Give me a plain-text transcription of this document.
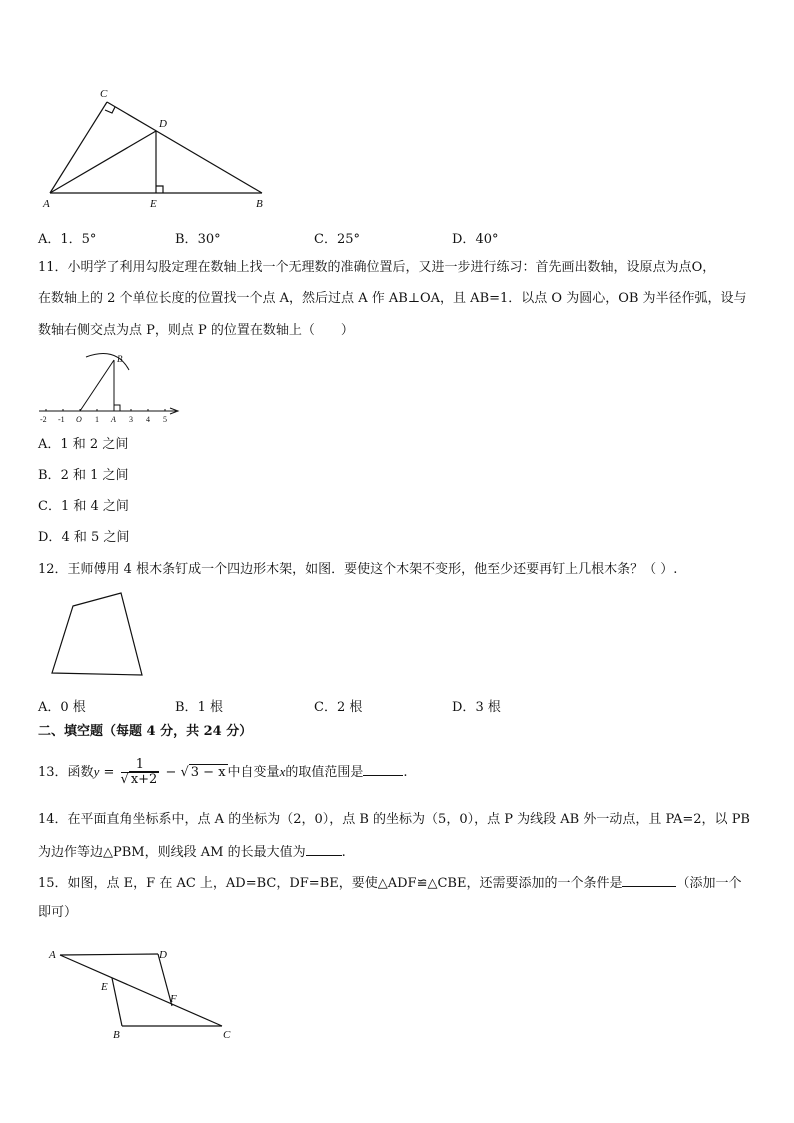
C
D
A	E	B
A．1．5°	B．30°	C．25°	D．40°
11．小明学了利用勾股定理在数轴上找一个无理数的准确位置后，又进一步进行练习：首先画出数轴，设原点为点O，
在数轴上的 2 个单位长度的位置找一个点 A，然后过点 A 作 AB⊥OA，且 AB=1．以点 O 为圆心，OB 为半径作弧，设与
数轴右侧交点为点 P，则点 P 的位置在数轴上（　　）
-2 -1 O 1 A 3 4 5
B
A．1 和 2 之间
B．2 和 1 之间
C．1 和 4 之间
D．4 和 5 之间
12．王师傅用 4 根木条钉成一个四边形木架，如图．要使这个木架不变形，他至少还要再钉上几根木条？（ ）.
A．0 根	B．1 根	C．2 根	D．3 根
二、填空题（每题 4 分，共 24 分）
13．函数$y = \frac{1}{√ x+2}$ − √ 3 − x 中自变量x的取值范围是	.
14．在平面直角坐标系中，点 A 的坐标为（2，0），点 B 的坐标为（5，0），点 P 为线段 AB 外一动点，且 PA=2，以 PB
为边作等边△PBM，则线段 AM 的长最大值为	.
15．如图，点 E，F 在 AC 上，AD=BC，DF=BE，要使△ADF≌△CBE，还需要添加的一个条件是	（添加一个
即可）
A	D
E
F
B	C
